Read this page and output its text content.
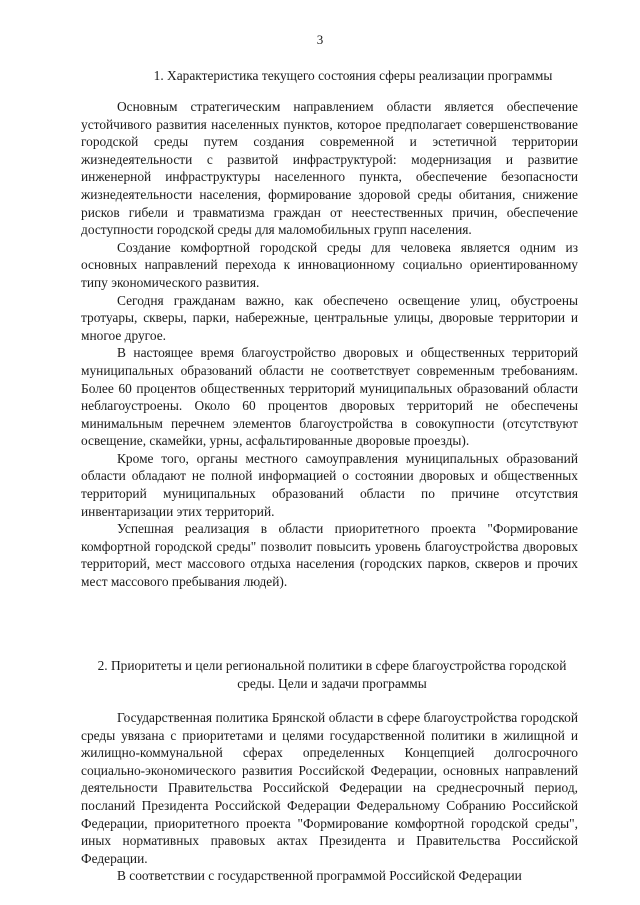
3
1. Характеристика текущего состояния сферы реализации программы

Основным стратегическим направлением области является обеспечение устойчивого развития населенных пунктов, которое предполагает совершенствование городской среды путем создания современной и эстетичной территории жизнедеятельности с развитой инфраструктурой: модернизация и развитие инженерной инфраструктуры населенного пункта, обеспечение безопасности жизнедеятельности населения, формирование здоровой среды обитания, снижение рисков гибели и травматизма граждан от неестественных причин, обеспечение доступности городской среды для маломобильных групп населения.

Создание комфортной городской среды для человека является одним из основных направлений перехода к инновационному социально ориентированному типу экономического развития.

Сегодня гражданам важно, как обеспечено освещение улиц, обустроены тротуары, скверы, парки, набережные, центральные улицы, дворовые территории и многое другое.

В настоящее время благоустройство дворовых и общественных территорий муниципальных образований области не соответствует современным требованиям. Более 60 процентов общественных территорий муниципальных образований области неблагоустроены. Около 60 процентов дворовых территорий не обеспечены минимальным перечнем элементов благоустройства в совокупности (отсутствуют освещение, скамейки, урны, асфальтированные дворовые проезды).

Кроме того, органы местного самоуправления муниципальных образований области обладают не полной информацией о состоянии дворовых и общественных территорий муниципальных образований области по причине отсутствия инвентаризации этих территорий.

Успешная реализация в области приоритетного проекта "Формирование комфортной городской среды" позволит повысить уровень благоустройства дворовых территорий, мест массового отдыха населения (городских парков, скверов и прочих мест массового пребывания людей).

2. Приоритеты и цели региональной политики в сфере благоустройства городской среды. Цели и задачи программы

Государственная политика Брянской области в сфере благоустройства городской среды увязана с приоритетами и целями государственной политики в жилищной и жилищно-коммунальной сферах определенных Концепцией долгосрочного социально-экономического развития Российской Федерации, основных направлений деятельности Правительства Российской Федерации на среднесрочный период, посланий Президента Российской Федерации Федеральному Собранию Российской Федерации, приоритетного проекта "Формирование комфортной городской среды", иных нормативных правовых актах Президента и Правительства Российской Федерации.

В соответствии с государственной программой Российской Федерации
